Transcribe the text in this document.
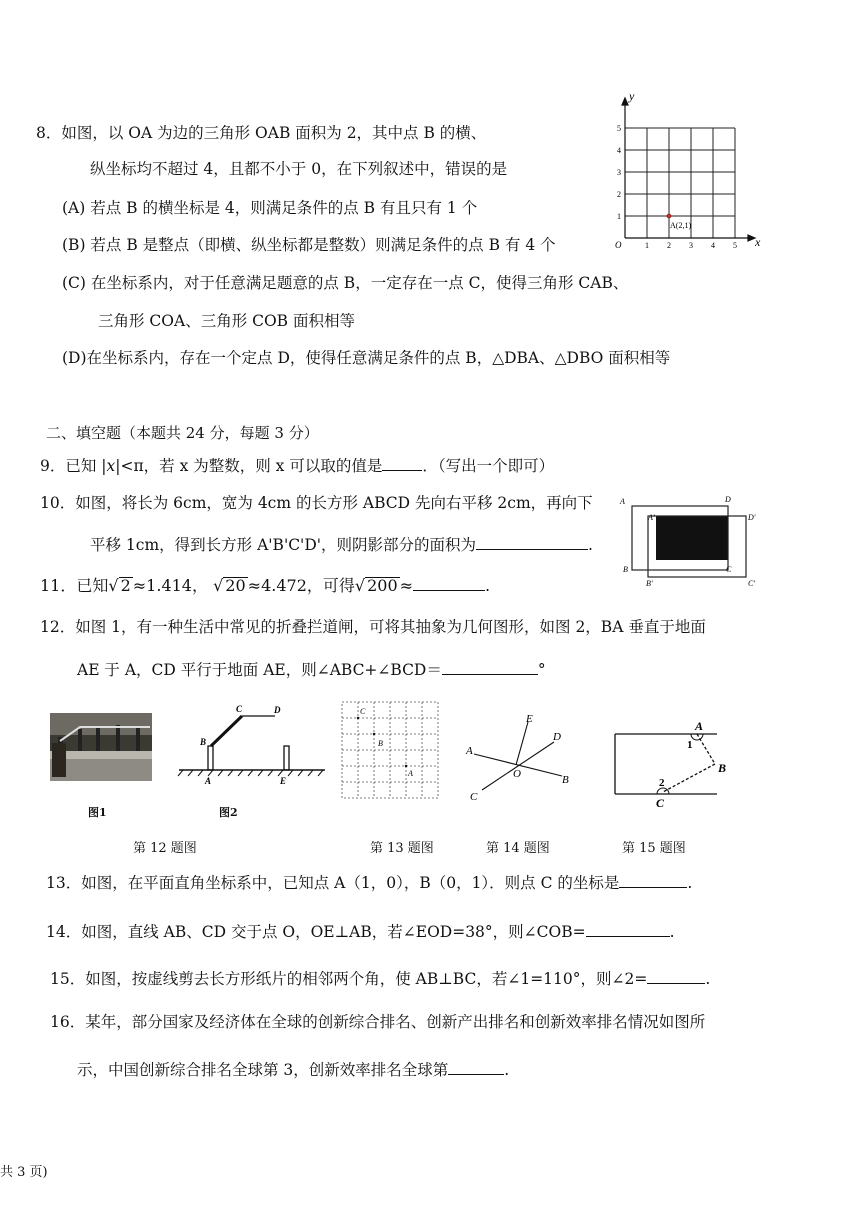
8．如图，以 OA 为边的三角形 OAB 面积为 2，其中点 B 的横、
纵坐标均不超过 4，且都不小于 0，在下列叙述中，错误的是
(A) 若点 B 的横坐标是 4，则满足条件的点 B 有且只有 1 个
(B) 若点 B 是整点（即横、纵坐标都是整数）则满足条件的点 B 有 4 个
(C) 在坐标系内，对于任意满足题意的点 B，一定存在一点 C，使得三角形 CAB、
三角形 COA、三角形 COB 面积相等
(D)在坐标系内，存在一个定点 D，使得任意满足条件的点 B，△DBA、△DBO 面积相等
y
x
O	1 2 3 4 5
1
2
3
4
5
A(2,1)
二、填空题（本题共 24 分，每题 3 分）
9．已知 |x|<π，若 x 为整数，则 x 可以取的值是	．（写出一个即可）
10．如图，将长为 6cm，宽为 4cm 的长方形 ABCD 先向右平移 2cm，再向下
平移 1cm，得到长方形 A'B'C'D'，则阴影部分的面积为	.
A	D
A'	D'
B	C
B'	C'
11．已知√ 2 ≈1.414， √ 20 ≈4.472，可得√ 200 ≈	.
12．如图 1，有一种生活中常见的折叠拦道闸，可将其抽象为几何图形，如图 2，BA 垂直于地面
AE 于 A，CD 平行于地面 AE，则∠ABC+∠BCD＝	°
图1
C	D
B
A	E
图2
C
B
A
E
D
A
O	B
C
A
1
B
2
C
第 12 题图	第 13 题图	第 14 题图	第 15 题图
13．如图，在平面直角坐标系中，已知点 A（1，0），B（0，1）．则点 C 的坐标是	.
14．如图，直线 AB、CD 交于点 O，OE⊥AB，若∠EOD=38°，则∠COB=	.
15．如图，按虚线剪去长方形纸片的相邻两个角，使 AB⊥BC，若∠1=110°，则∠2=	.
16．某年，部分国家及经济体在全球的创新综合排名、创新产出排名和创新效率排名情况如图所
示，中国创新综合排名全球第 3，创新效率排名全球第	.
共 3 页)
